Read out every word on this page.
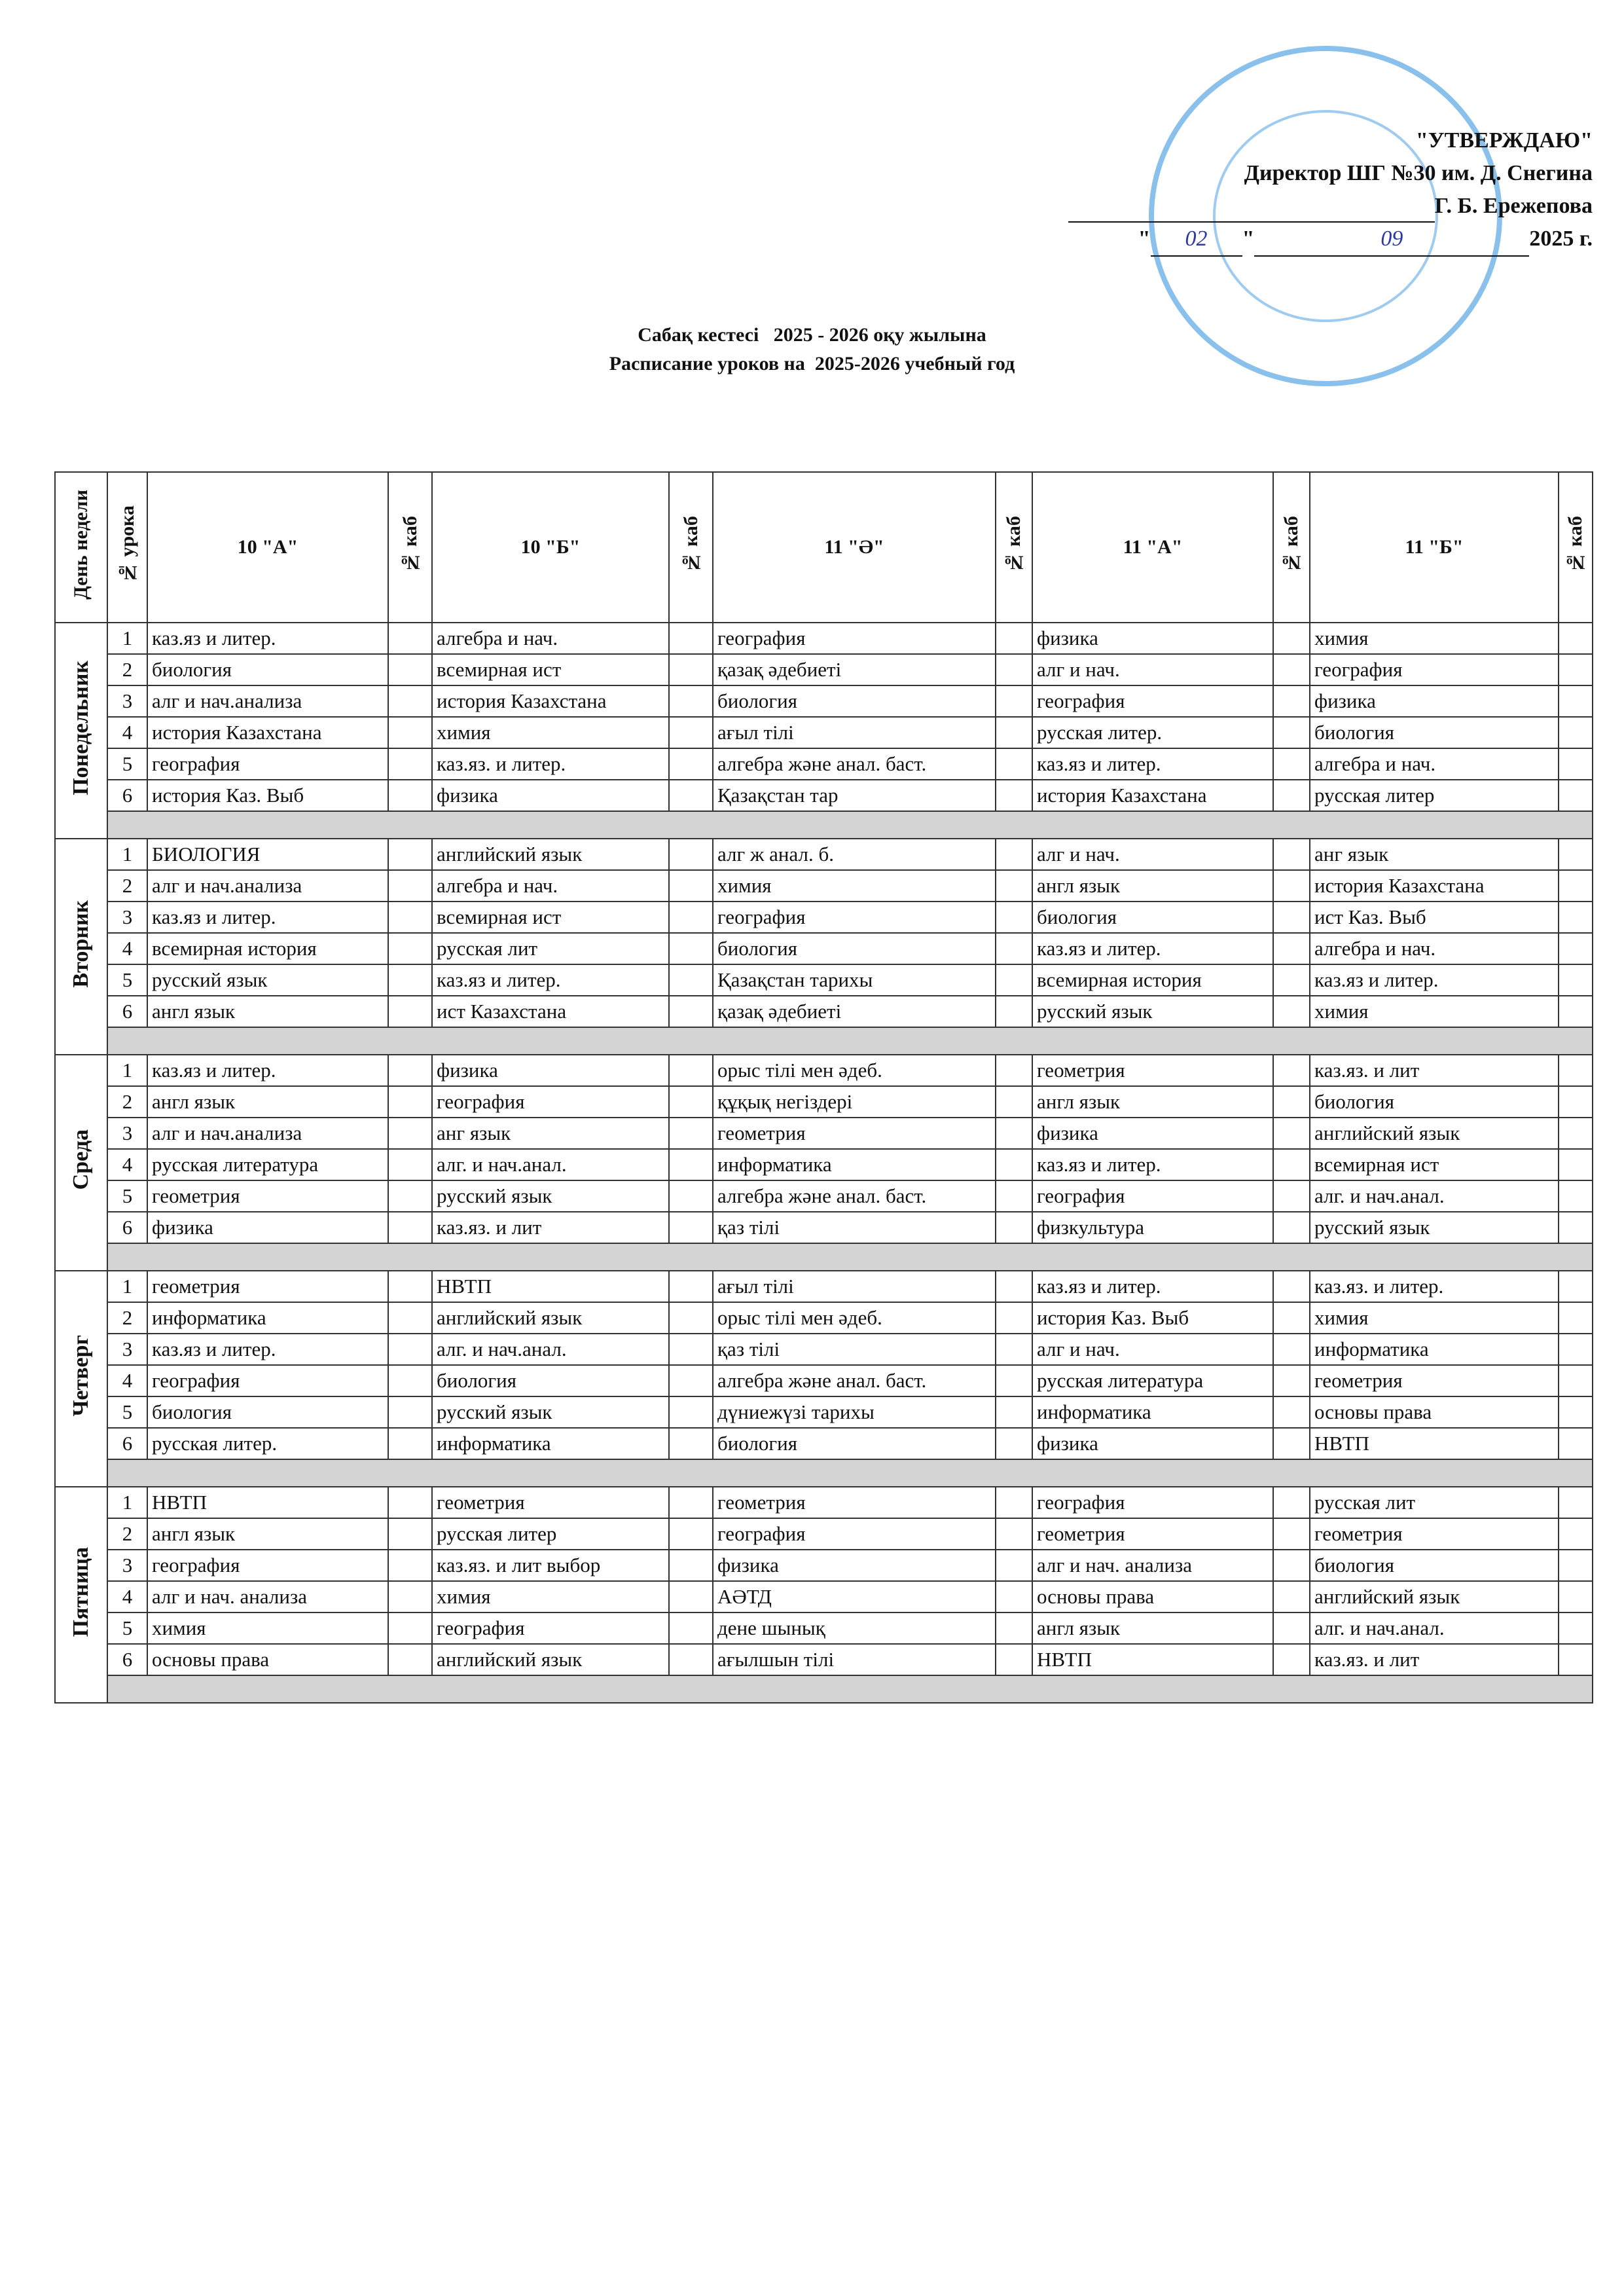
"УТВЕРЖДАЮ"
Директор ШГ №30 им. Д. Снегина
Г. Б. Ережепова
" 02 "	09	2025 г.
Сабақ кестесі   2025 - 2026 оқу жылына
Расписание уроков на  2025-2026 учебный год
День недели	№ урока	10 "А"	№ каб	10 "Б"	№ каб	11 "Ә"	№ каб	11 "А"	№ каб	11 "Б"	№ каб
Понедельник	1	каз.яз и литер.		алгебра и нач.		география		физика		химия	
	2	биология		всемирная ист		қазақ әдебиеті		алг и нач.		география	
	3	алг и нач.анализа		история Казахстана		биология		география		физика	
	4	история Казахстана		химия		ағыл тілі		русская литер.		биология	
	5	география		каз.яз. и литер.		алгебра және анал. баст.		каз.яз и литер.		алгебра и нач.	
	6	история Каз. Выб		физика		Қазақстан тар		история Казахстана		русская литер	

Вторник	1	БИОЛОГИЯ		английский язык		алг ж анал. б.		алг и нач.		анг язык	
	2	алг и нач.анализа		алгебра и нач.		химия		англ язык		история Казахстана	
	3	каз.яз и литер.		всемирная ист		география		биология		ист Каз. Выб	
	4	всемирная история		русская лит		биология		каз.яз и литер.		алгебра и нач.	
	5	русский язык		каз.яз и литер.		Қазақстан тарихы		всемирная история		каз.яз и литер.	
	6	англ язык		ист Казахстана		қазақ әдебиеті		русский язык		химия	

Среда	1	каз.яз и литер.		физика		орыс тілі мен әдеб.		геометрия		каз.яз. и лит	
	2	англ язык		география		құқық негіздері		англ язык		биология	
	3	алг и нач.анализа		анг язык		геометрия		физика		английский язык	
	4	русская литература		алг. и нач.анал.		информатика		каз.яз и литер.		всемирная ист	
	5	геометрия		русский язык		алгебра және анал. баст.		география		алг. и нач.анал.	
	6	физика		каз.яз. и лит		қаз тілі		физкультура		русский язык	

Четверг	1	геометрия		НВТП		ағыл тілі		каз.яз и литер.		каз.яз. и литер.	
	2	информатика		английский язык		орыс тілі мен әдеб.		история Каз. Выб		химия	
	3	каз.яз и литер.		алг. и нач.анал.		қаз тілі		алг и нач.		информатика	
	4	география		биология		алгебра және анал. баст.		русская литература		геометрия	
	5	биология		русский язык		дүниежүзі тарихы		информатика		основы права	
	6	русская литер.		информатика		биология		физика		НВТП	

Пятница	1	НВТП		геометрия		геометрия		география		русская лит	
	2	англ язык		русская литер		география		геометрия		геометрия	
	3	география		каз.яз. и лит выбор		физика		алг и нач. анализа		биология	
	4	алг и нач. анализа		химия		АӘТД		основы права		английский язык	
	5	химия		география		дене шынық		англ язык		алг. и нач.анал.	
	6	основы права		английский язык		ағылшын тілі		НВТП		каз.яз. и лит	
